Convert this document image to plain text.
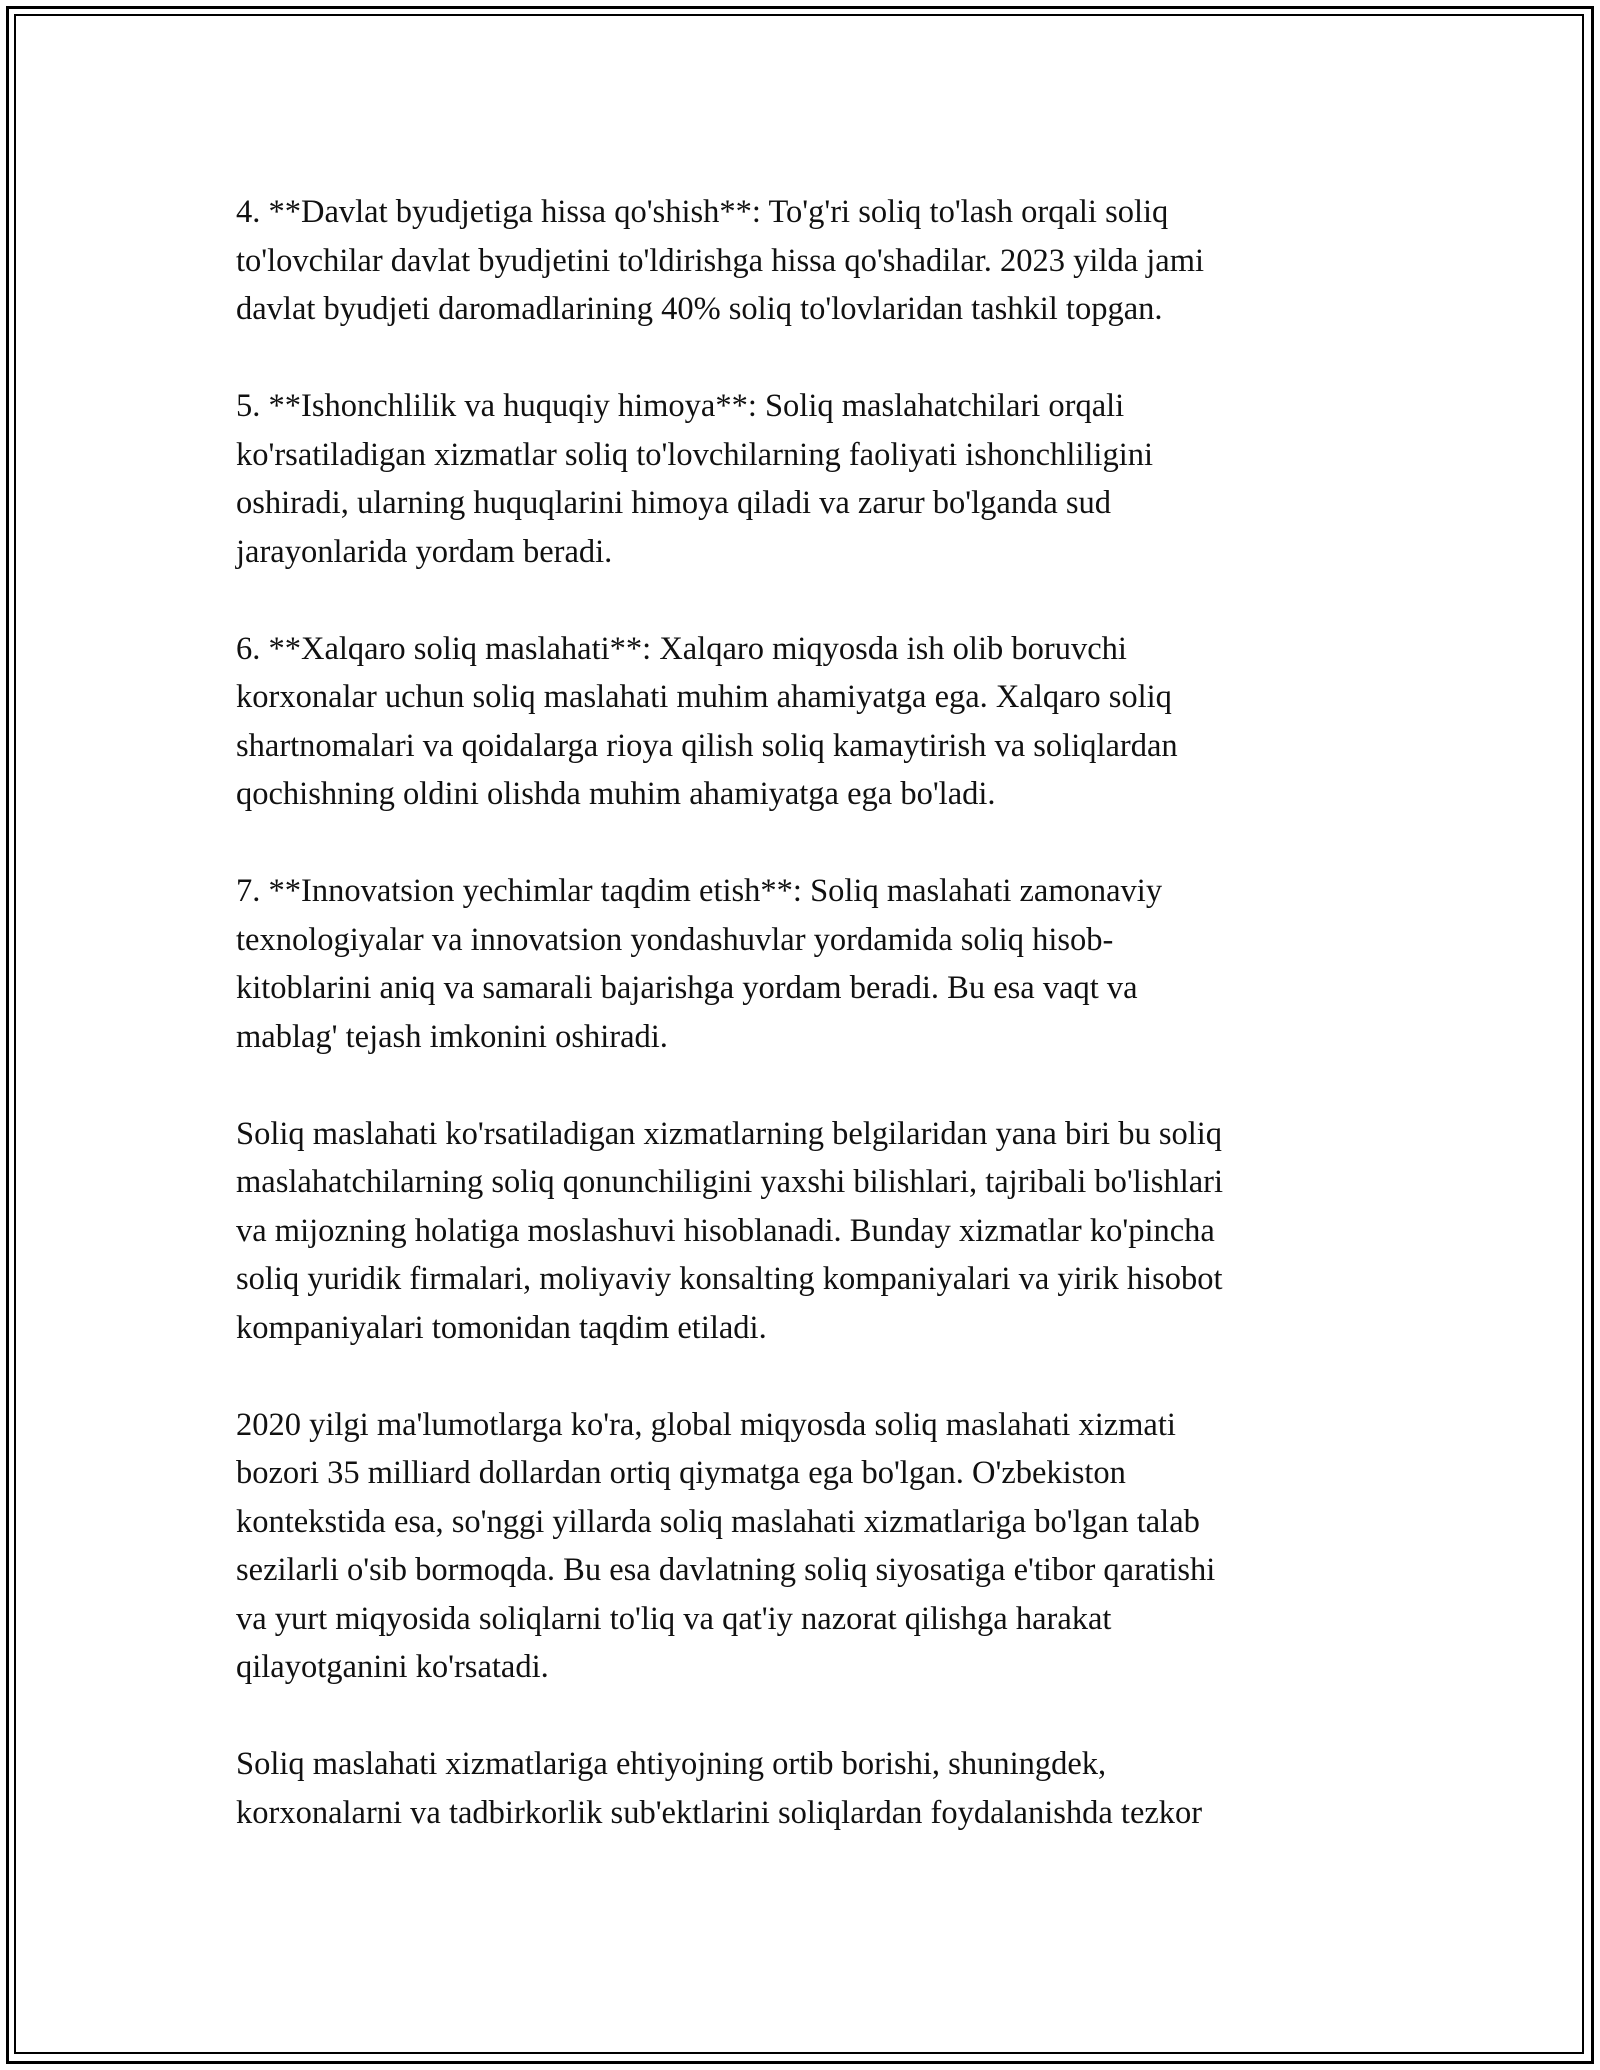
4. **Davlat byudjetiga hissa qo'shish**: To'g'ri soliq to'lash orqali soliq
to'lovchilar davlat byudjetini to'ldirishga hissa qo'shadilar. 2023 yilda jami
davlat byudjeti daromadlarining 40% soliq to'lovlaridan tashkil topgan.

5. **Ishonchlilik va huquqiy himoya**: Soliq maslahatchilari orqali
ko'rsatiladigan xizmatlar soliq to'lovchilarning faoliyati ishonchliligini
oshiradi, ularning huquqlarini himoya qiladi va zarur bo'lganda sud
jarayonlarida yordam beradi.

6. **Xalqaro soliq maslahati**: Xalqaro miqyosda ish olib boruvchi
korxonalar uchun soliq maslahati muhim ahamiyatga ega. Xalqaro soliq
shartnomalari va qoidalarga rioya qilish soliq kamaytirish va soliqlardan
qochishning oldini olishda muhim ahamiyatga ega bo'ladi.

7. **Innovatsion yechimlar taqdim etish**: Soliq maslahati zamonaviy
texnologiyalar va innovatsion yondashuvlar yordamida soliq hisob-
kitoblarini aniq va samarali bajarishga yordam beradi. Bu esa vaqt va
mablag' tejash imkonini oshiradi.

Soliq maslahati ko'rsatiladigan xizmatlarning belgilaridan yana biri bu soliq
maslahatchilarning soliq qonunchiligini yaxshi bilishlari, tajribali bo'lishlari
va mijozning holatiga moslashuvi hisoblanadi. Bunday xizmatlar ko'pincha
soliq yuridik firmalari, moliyaviy konsalting kompaniyalari va yirik hisobot
kompaniyalari tomonidan taqdim etiladi.

2020 yilgi ma'lumotlarga ko'ra, global miqyosda soliq maslahati xizmati
bozori 35 milliard dollardan ortiq qiymatga ega bo'lgan. O'zbekiston
kontekstida esa, so'nggi yillarda soliq maslahati xizmatlariga bo'lgan talab
sezilarli o'sib bormoqda. Bu esa davlatning soliq siyosatiga e'tibor qaratishi
va yurt miqyosida soliqlarni to'liq va qat'iy nazorat qilishga harakat
qilayotganini ko'rsatadi.

Soliq maslahati xizmatlariga ehtiyojning ortib borishi, shuningdek,
korxonalarni va tadbirkorlik sub'ektlarini soliqlardan foydalanishda tezkor
